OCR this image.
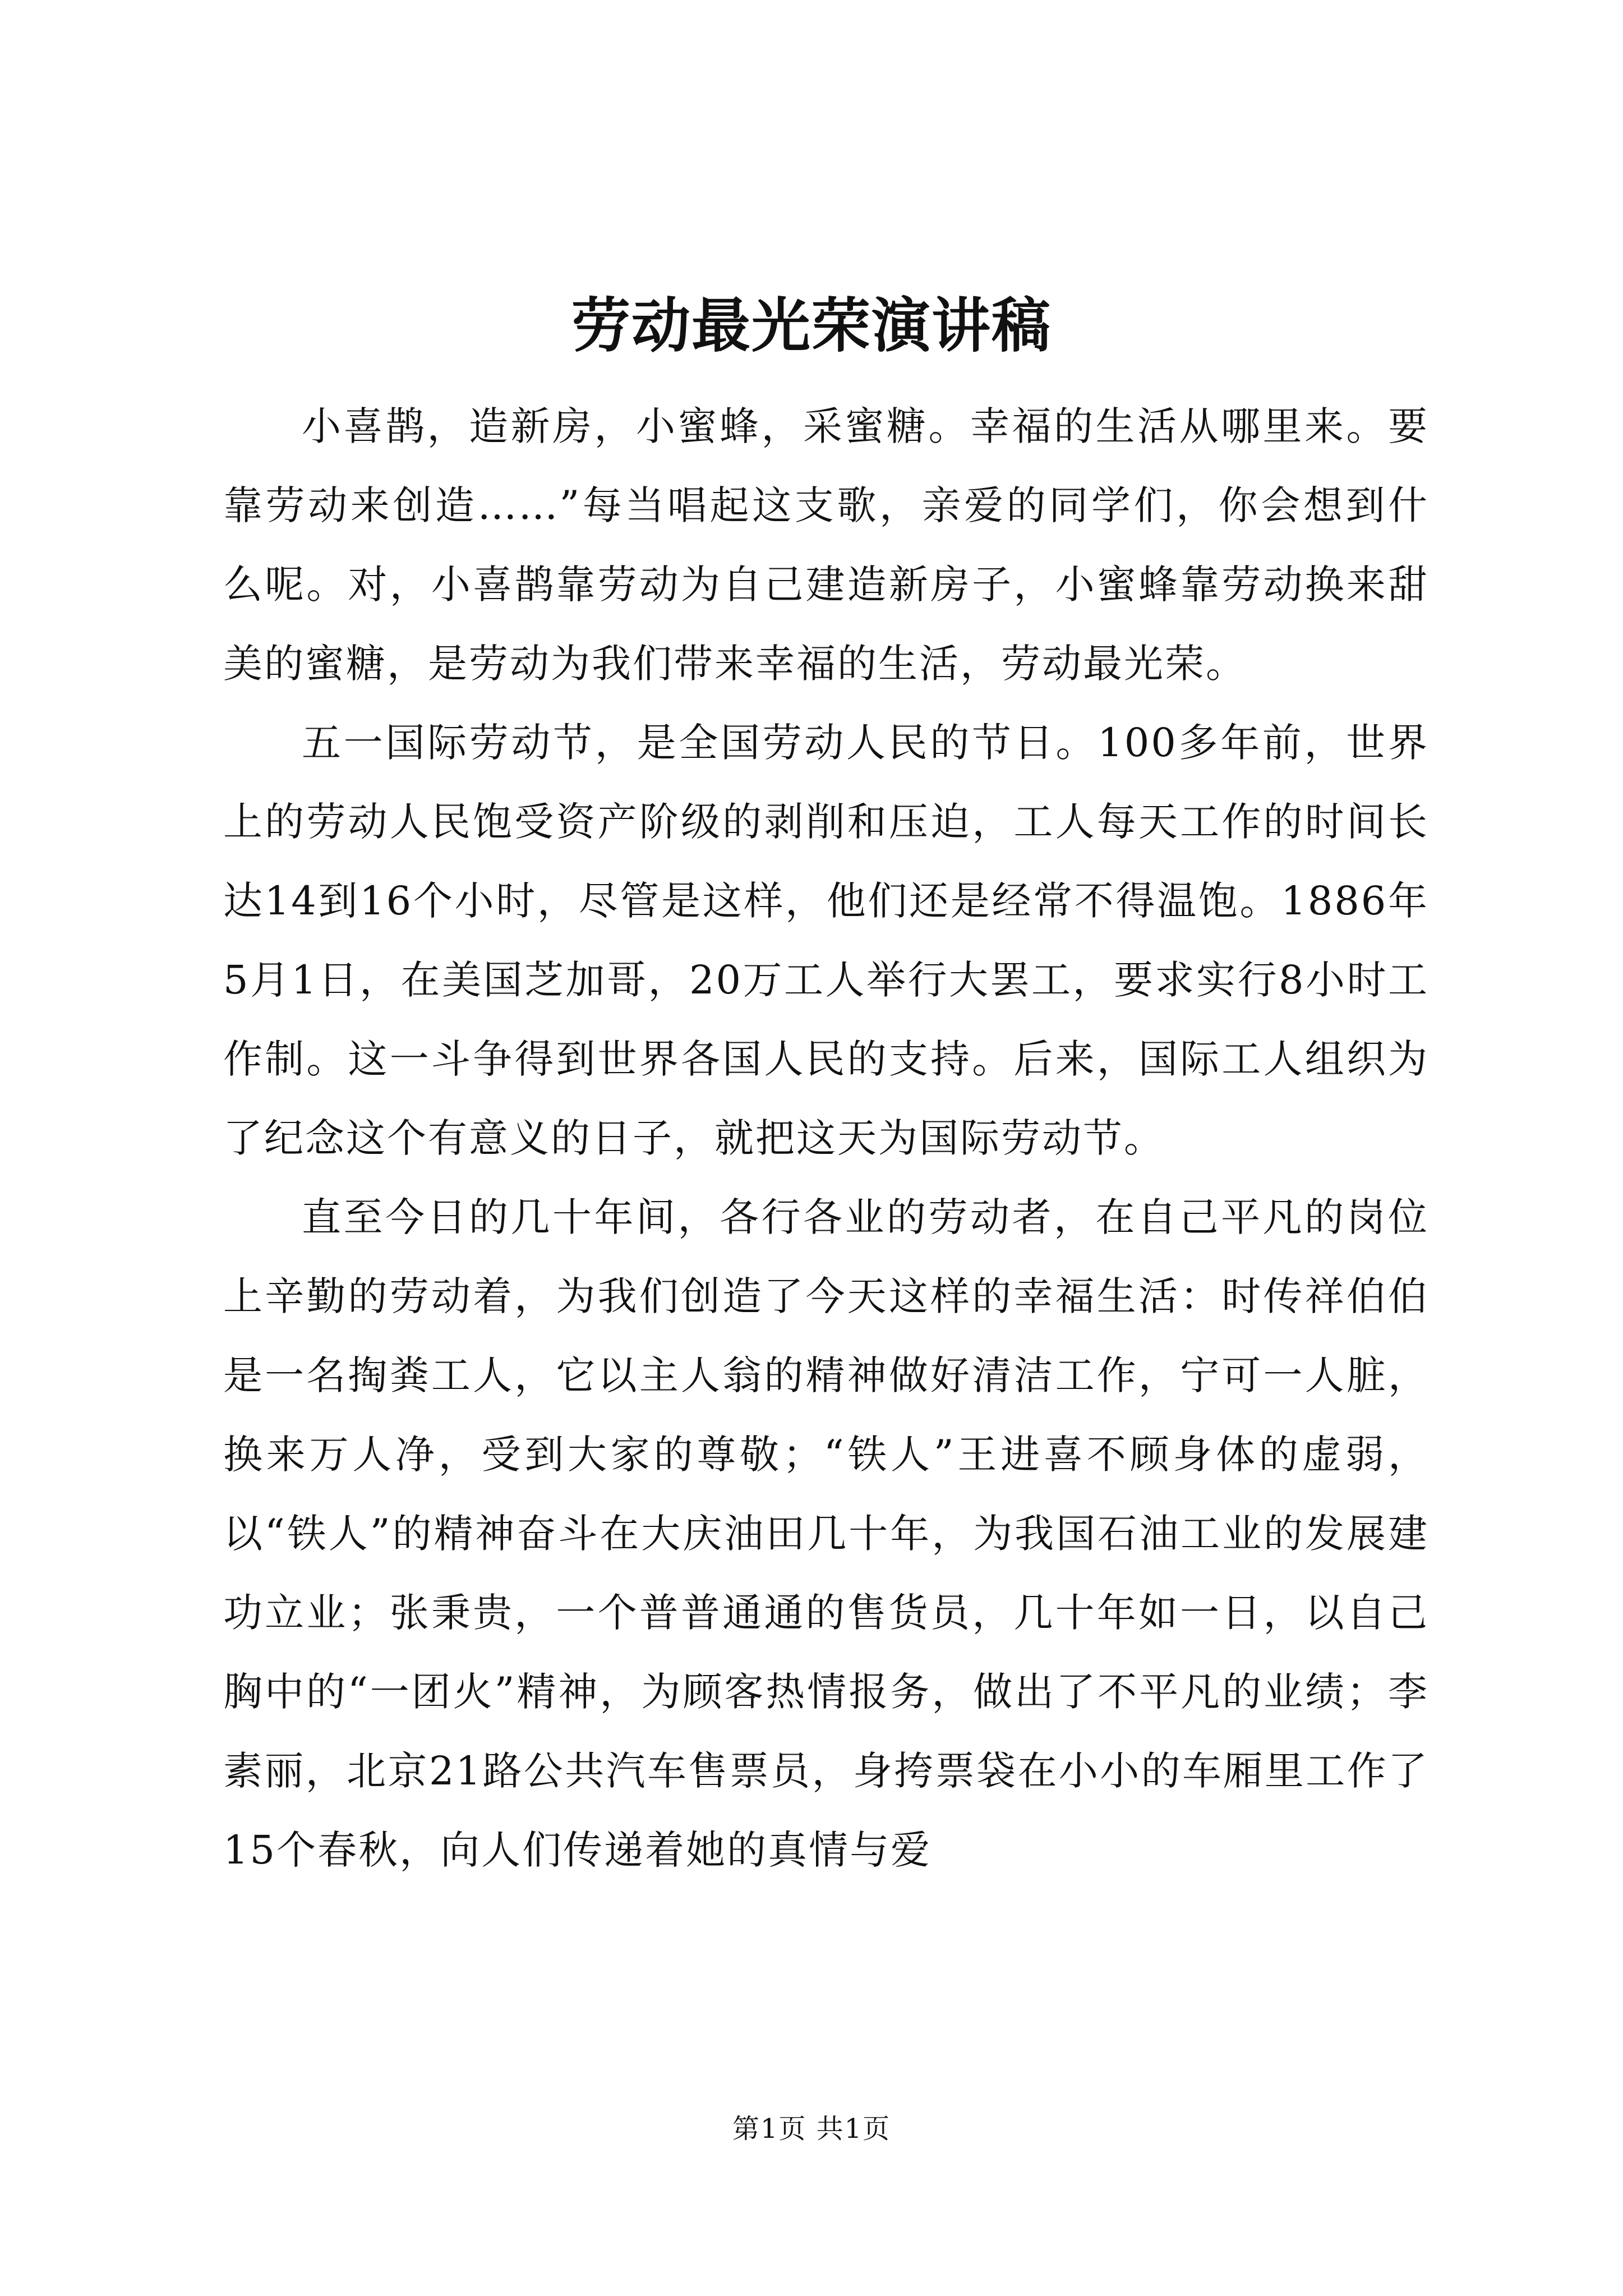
劳动最光荣演讲稿

小喜鹊，造新房，小蜜蜂，采蜜糖。幸福的生活从哪里来。要靠劳动来创造……”每当唱起这支歌，亲爱的同学们，你会想到什么呢。对，小喜鹊靠劳动为自己建造新房子，小蜜蜂靠劳动换来甜美的蜜糖，是劳动为我们带来幸福的生活，劳动最光荣。

五一国际劳动节，是全国劳动人民的节日。100多年前，世界上的劳动人民饱受资产阶级的剥削和压迫，工人每天工作的时间长达14到16个小时，尽管是这样，他们还是经常不得温饱。1886年5月1日，在美国芝加哥，20万工人举行大罢工，要求实行8小时工作制。这一斗争得到世界各国人民的支持。后来，国际工人组织为了纪念这个有意义的日子，就把这天为国际劳动节。

直至今日的几十年间，各行各业的劳动者，在自己平凡的岗位上辛勤的劳动着，为我们创造了今天这样的幸福生活：时传祥伯伯是一名掏粪工人，它以主人翁的精神做好清洁工作，宁可一人脏，换来万人净，受到大家的尊敬；“铁人”王进喜不顾身体的虚弱，以“铁人”的精神奋斗在大庆油田几十年，为我国石油工业的发展建功立业；张秉贵，一个普普通通的售货员，几十年如一日，以自己胸中的“一团火”精神，为顾客热情报务，做出了不平凡的业绩；李素丽，北京21路公共汽车售票员，身挎票袋在小小的车厢里工作了15个春秋，向人们传递着她的真情与爱

第1页 共1页
